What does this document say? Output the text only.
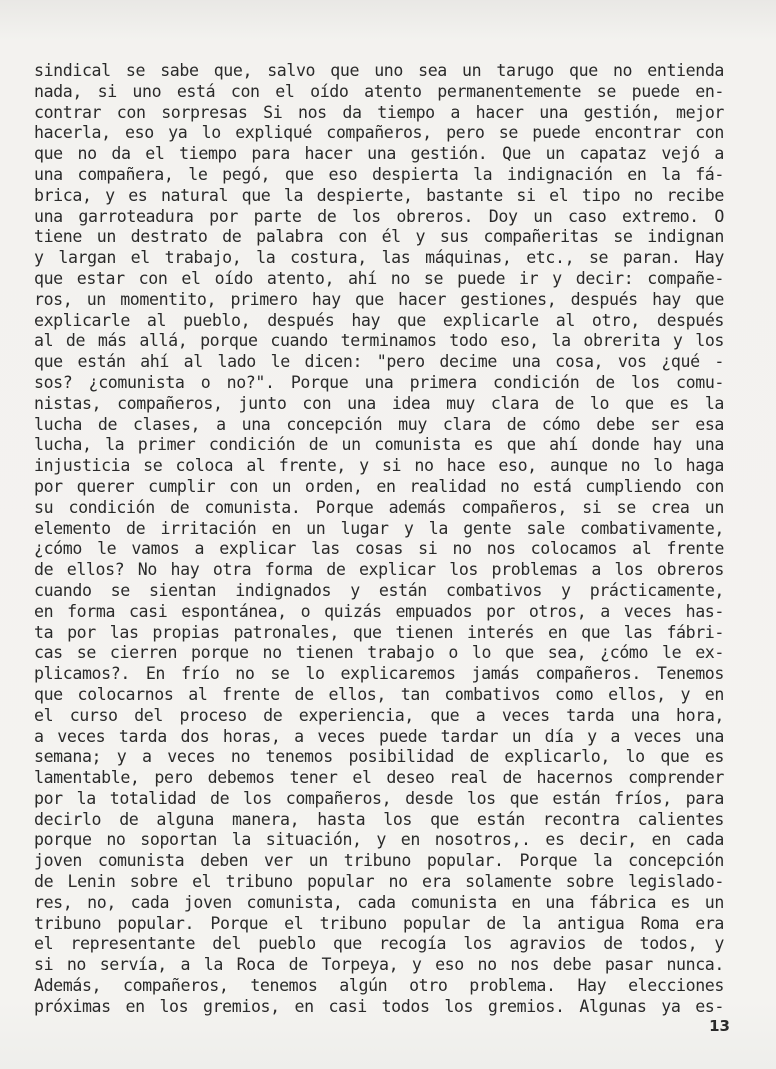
sindical se sabe que, salvo que uno sea un tarugo que no entienda
nada, si uno está con el oído atento permanentemente se puede en-
contrar con sorpresas Si nos da tiempo a hacer una gestión, mejor
hacerla, eso ya lo expliqué compañeros, pero se puede encontrar con
que no da el tiempo para hacer una gestión. Que un capataz vejó a
una compañera, le pegó, que eso despierta la indignación en la fá-
brica, y es natural que la despierte, bastante si el tipo no recibe
una garroteadura por parte de los obreros. Doy un caso extremo. O
tiene un destrato de palabra con él y sus compañeritas se indignan
y largan el trabajo, la costura, las máquinas, etc., se paran. Hay
que estar con el oído atento, ahí no se puede ir y decir: compañe-
ros, un momentito, primero hay que hacer gestiones, después hay que
explicarle al pueblo, después hay que explicarle al otro, después
al de más allá, porque cuando terminamos todo eso, la obrerita y los
que están ahí al lado le dicen: "pero decime una cosa, vos ¿qué -
sos? ¿comunista o no?". Porque una primera condición de los comu-
nistas, compañeros, junto con una idea muy clara de lo que es la
lucha de clases, a una concepción muy clara de cómo debe ser esa
lucha, la primer condición de un comunista es que ahí donde hay una
injusticia se coloca al frente, y si no hace eso, aunque no lo haga
por querer cumplir con un orden, en realidad no está cumpliendo con
su condición de comunista. Porque además compañeros, si se crea un
elemento de irritación en un lugar y la gente sale combativamente,
¿cómo le vamos a explicar las cosas si no nos colocamos al frente
de ellos? No hay otra forma de explicar los problemas a los obreros
cuando se sientan indignados y están combativos y prácticamente,
en forma casi espontánea, o quizás empuados por otros, a veces has-
ta por las propias patronales, que tienen interés en que las fábri-
cas se cierren porque no tienen trabajo o lo que sea, ¿cómo le ex-
plicamos?. En frío no se lo explicaremos jamás compañeros. Tenemos
que colocarnos al frente de ellos, tan combativos como ellos, y en
el curso del proceso de experiencia, que a veces tarda una hora,
a veces tarda dos horas, a veces puede tardar un día y a veces una
semana; y a veces no tenemos posibilidad de explicarlo, lo que es
lamentable, pero debemos tener el deseo real de hacernos comprender
por la totalidad de los compañeros, desde los que están fríos, para
decirlo de alguna manera, hasta los que están recontra calientes
porque no soportan la situación, y en nosotros,. es decir, en cada
joven comunista deben ver un tribuno popular. Porque la concepción
de Lenin sobre el tribuno popular no era solamente sobre legislado-
res, no, cada joven comunista, cada comunista en una fábrica es un
tribuno popular. Porque el tribuno popular de la antigua Roma era
el representante del pueblo que recogía los agravios de todos, y
si no servía, a la Roca de Torpeya, y eso no nos debe pasar nunca.
Además, compañeros, tenemos algún otro problema. Hay elecciones
próximas en los gremios, en casi todos los gremios. Algunas ya es-
13
